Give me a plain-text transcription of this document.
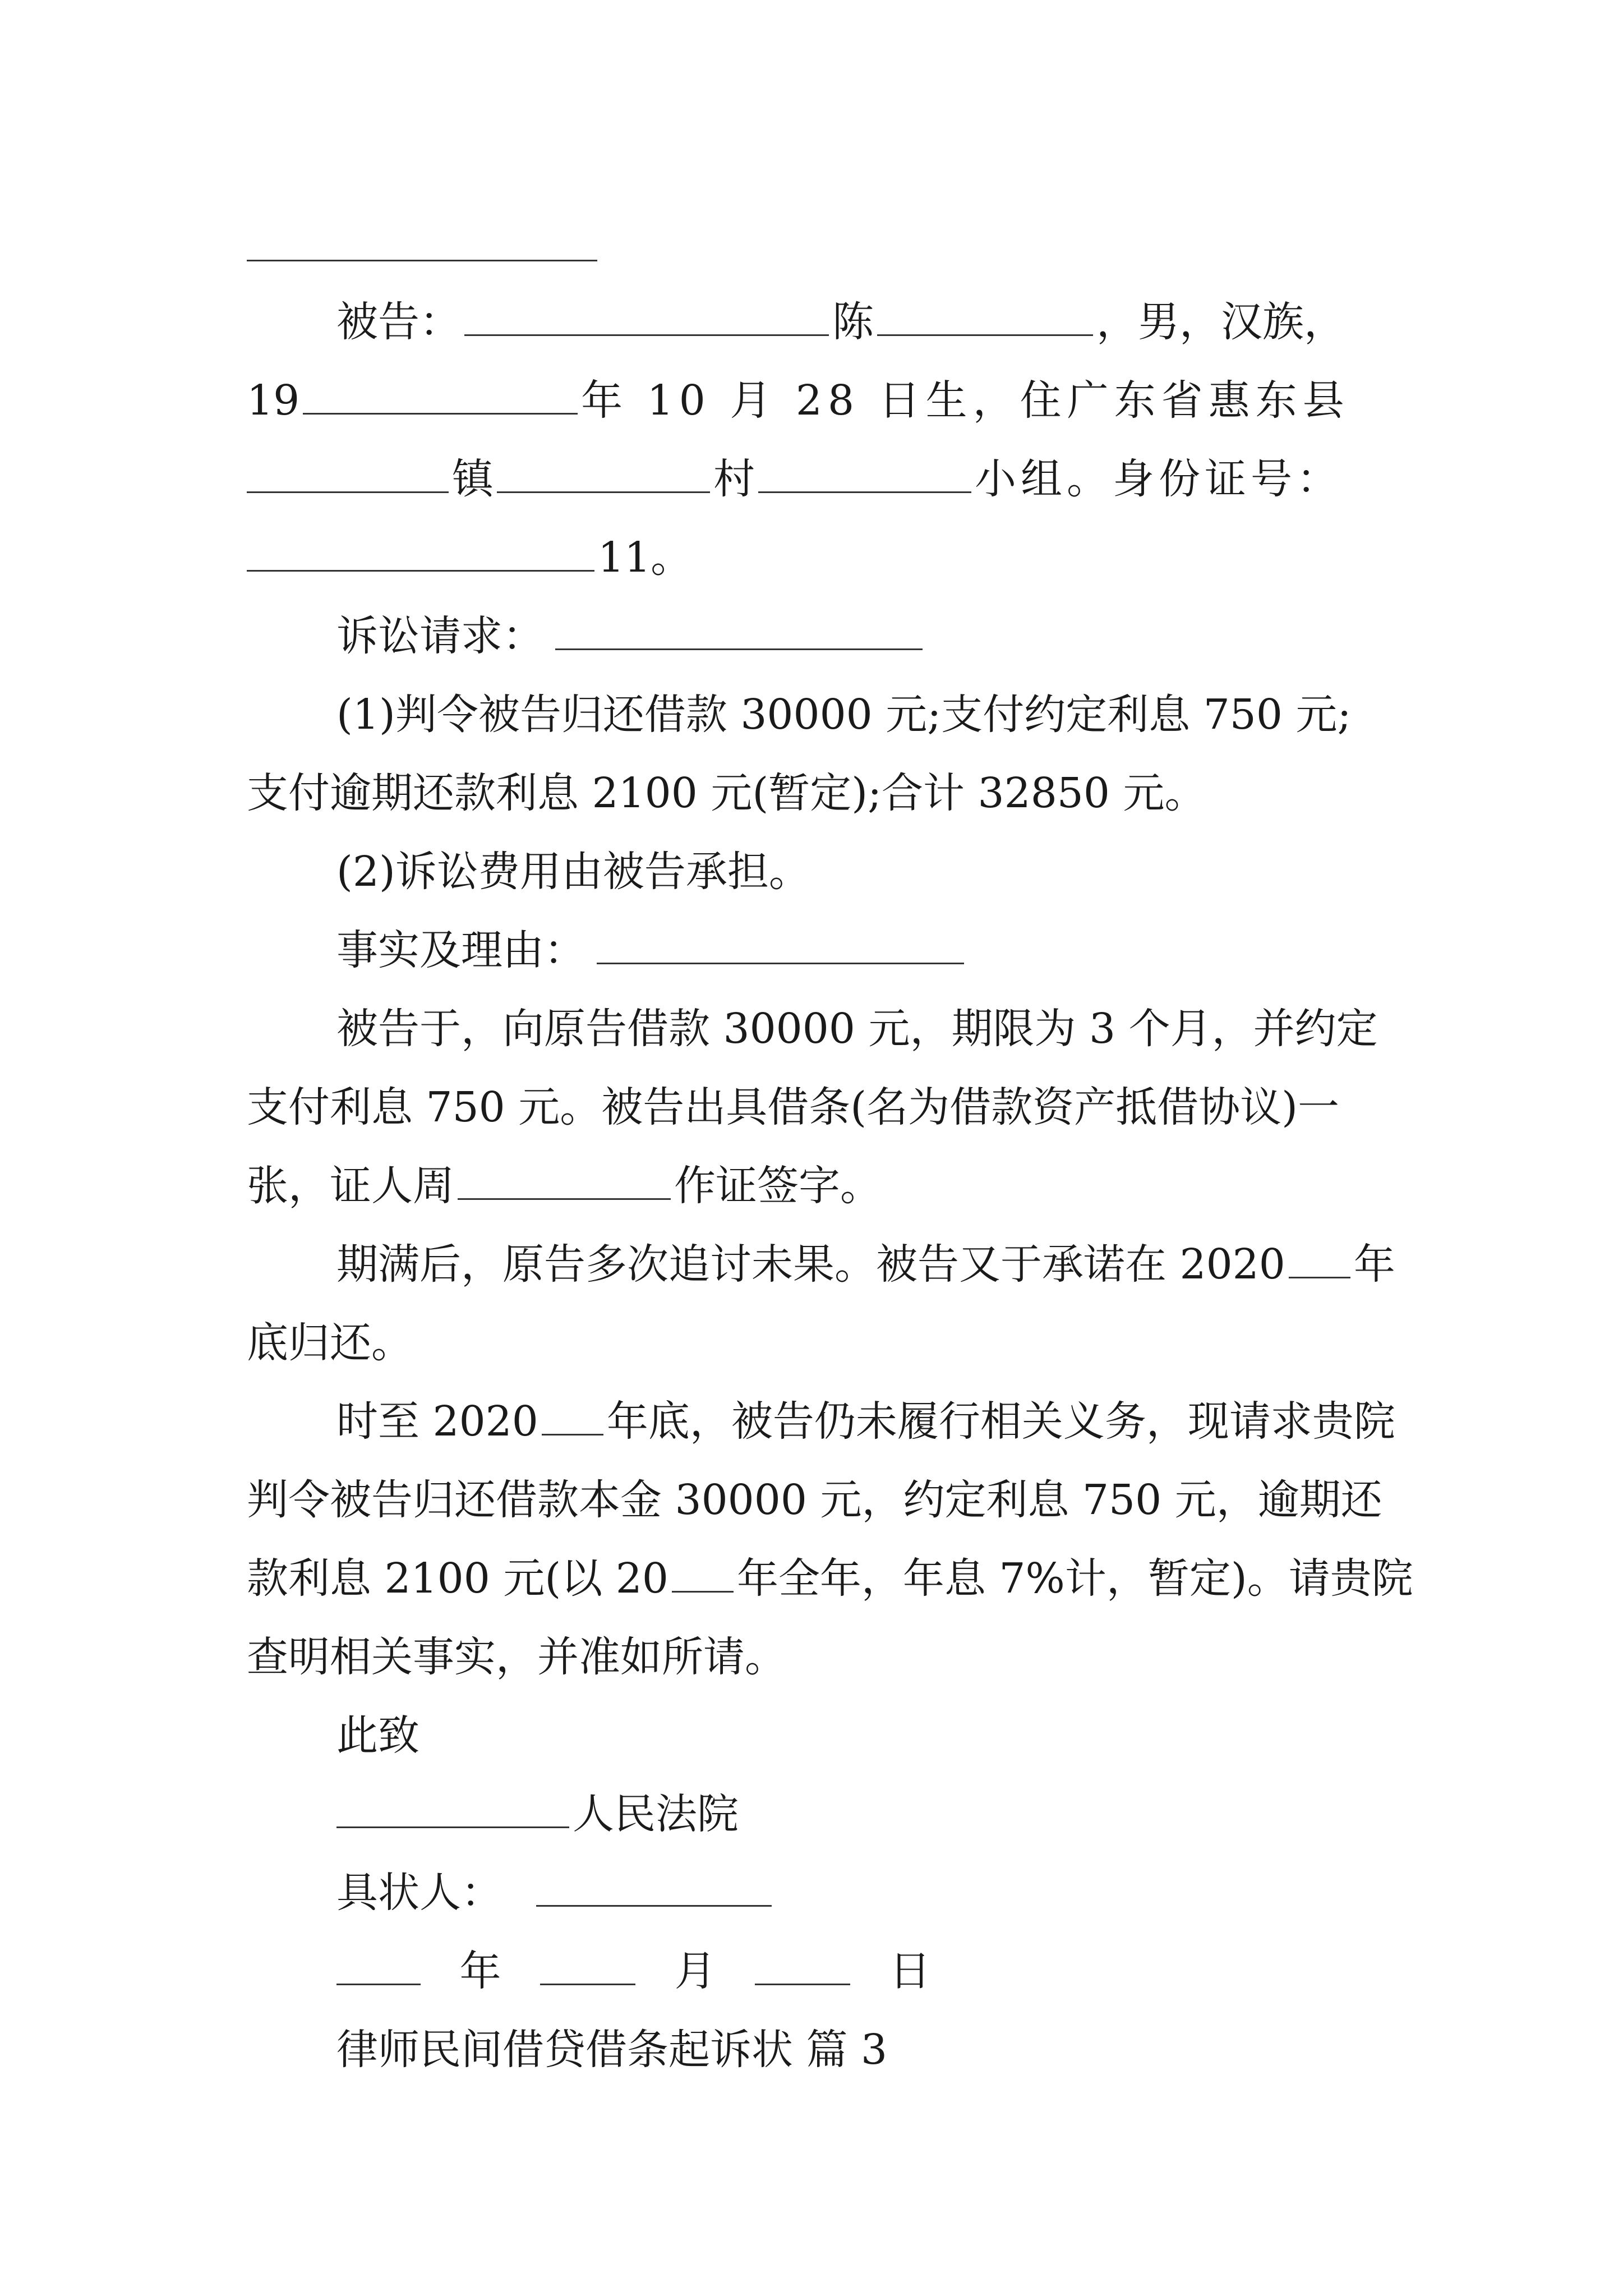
被告：	陈	，男，汉族，
19	年 10 月 28 日生，住广东省惠东县
镇	村	小组。身份证号：
11。
诉讼请求：
(1)判令被告归还借款 30000 元;支付约定利息 750 元;
支付逾期还款利息 2100 元(暂定);合计 32850 元。
(2)诉讼费用由被告承担。
事实及理由：
被告于，向原告借款 30000 元，期限为 3 个月，并约定
支付利息 750 元。被告出具借条(名为借款资产抵借协议)一
张，证人周	作证签字。
期满后，原告多次追讨未果。被告又于承诺在 2020 年
底归还。
时至 2020 年底，被告仍未履行相关义务，现请求贵院
判令被告归还借款本金 30000 元，约定利息 750 元，逾期还
款利息 2100 元(以 20 年全年，年息 7%计，暂定)。请贵院
查明相关事实，并准如所请。
此致
人民法院
具状人：
年	月	日
律师民间借贷借条起诉状 篇 3
